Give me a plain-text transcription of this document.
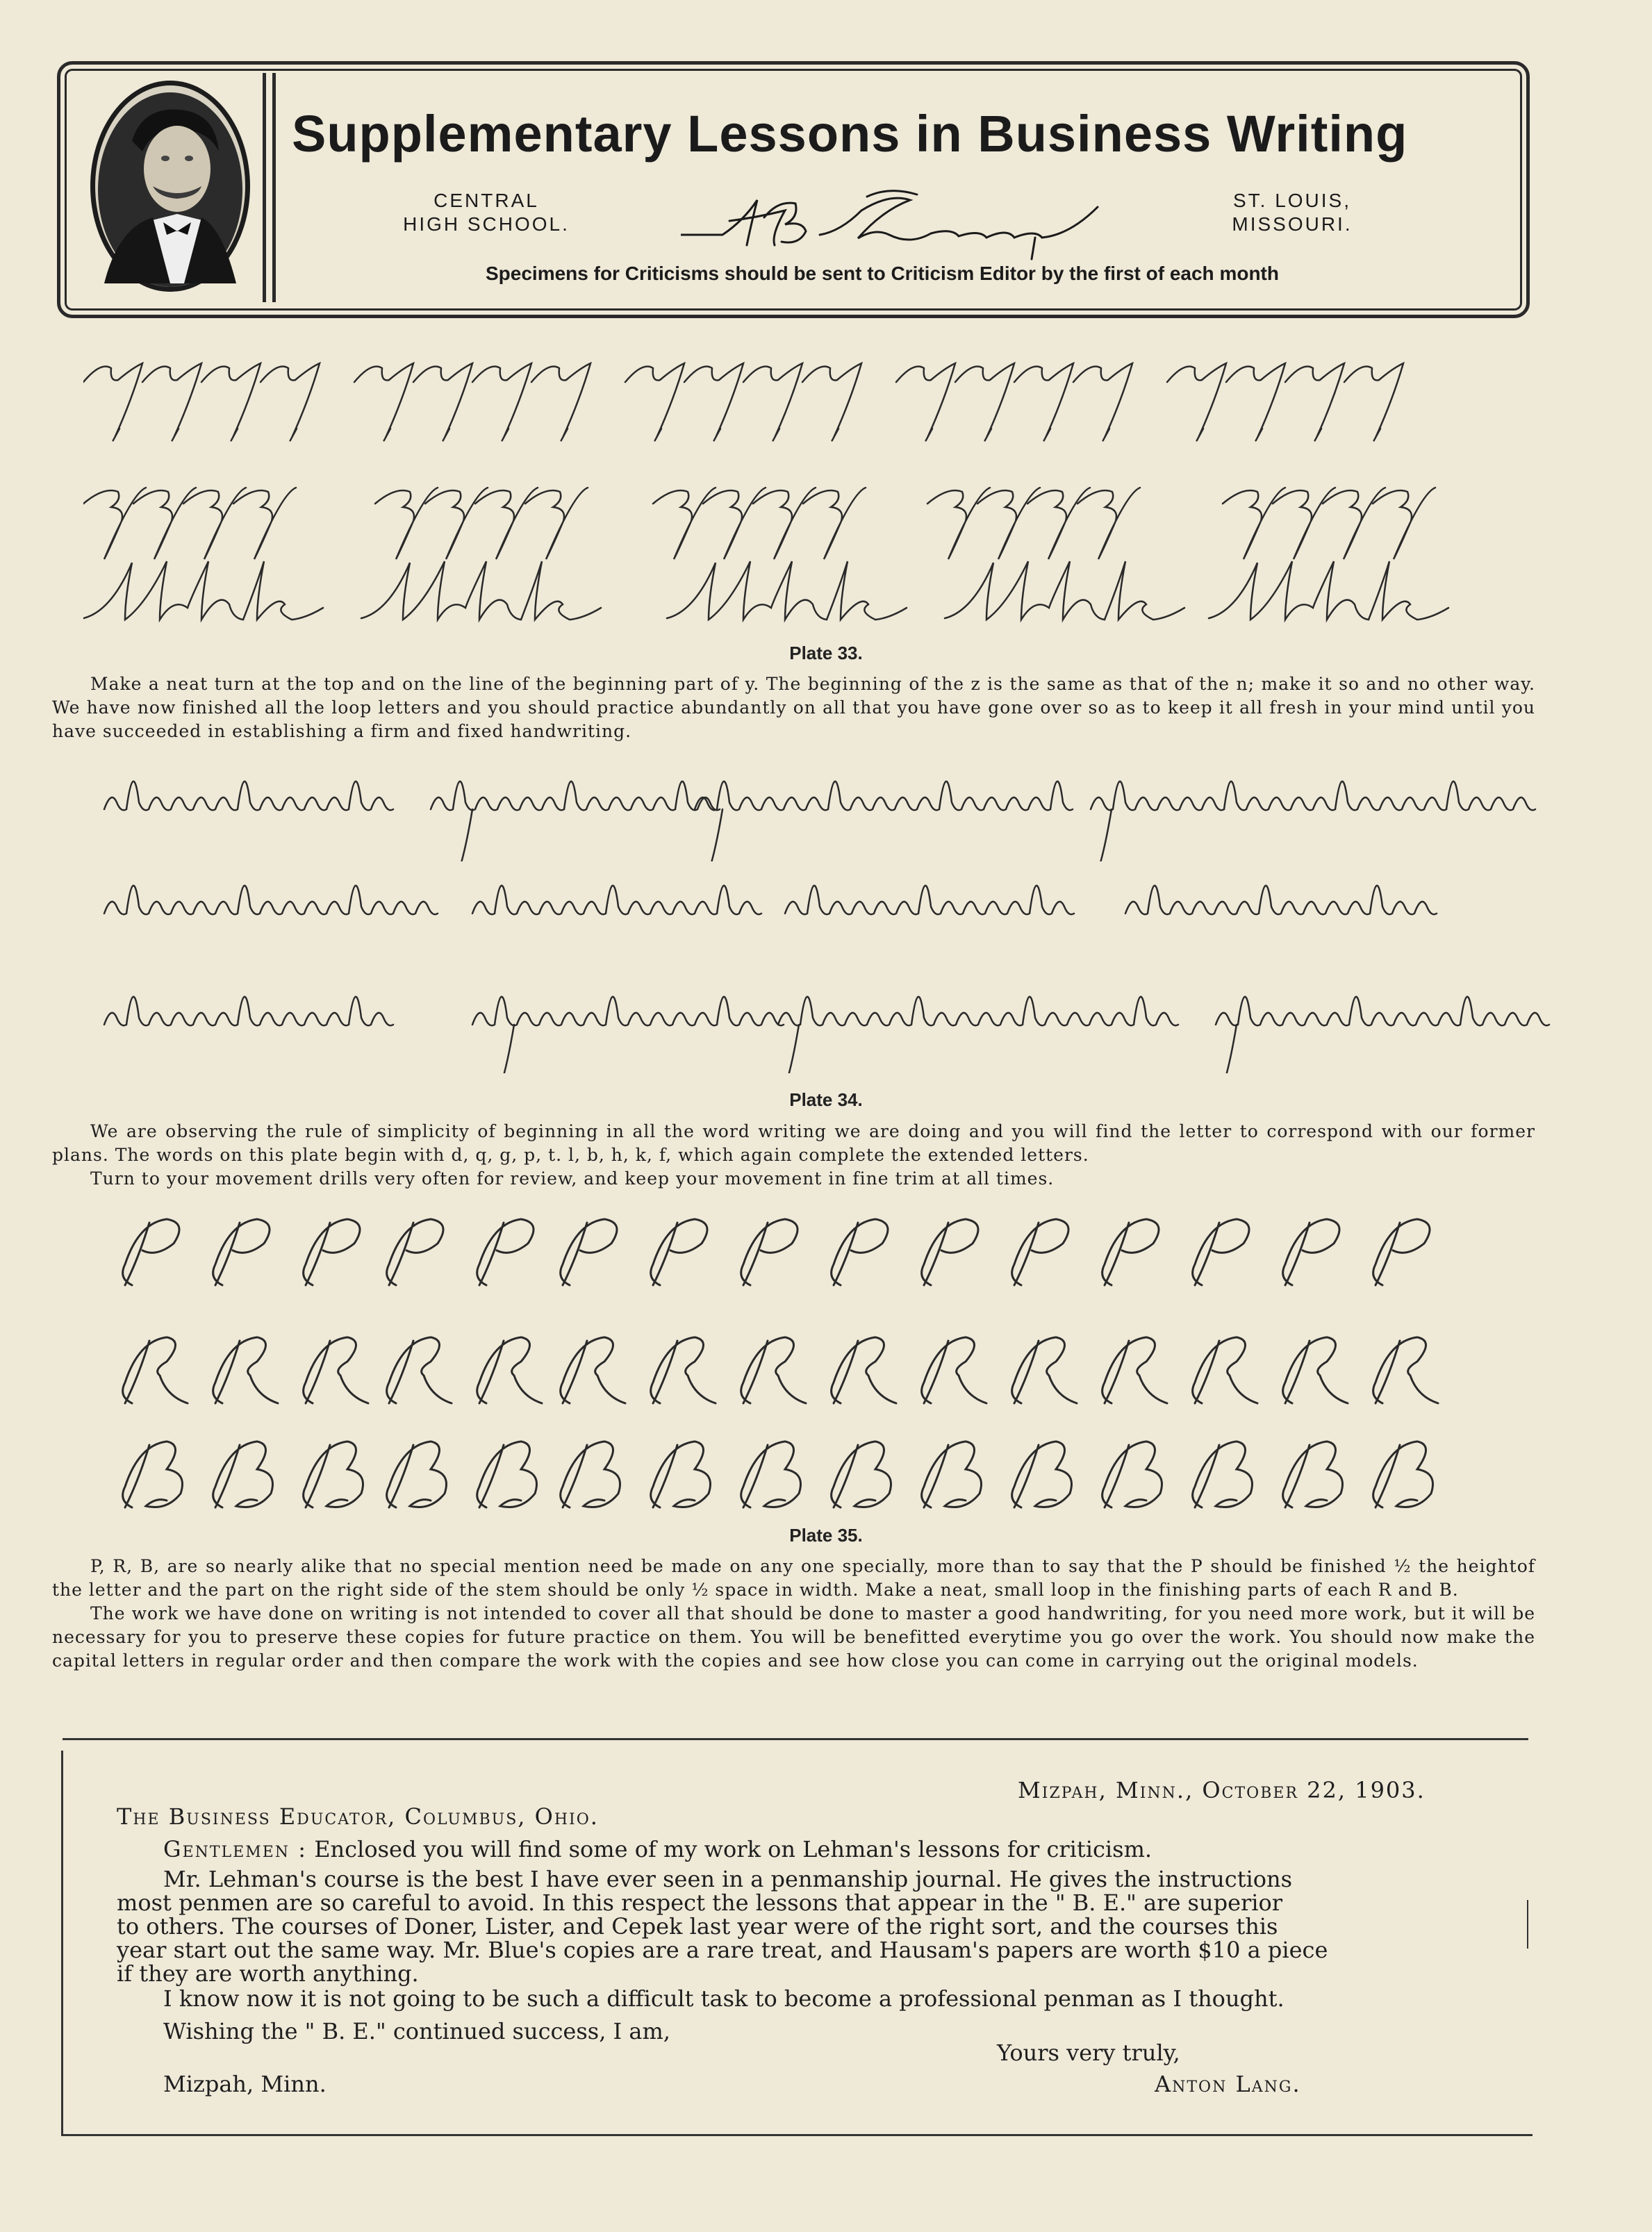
Supplementary Lessons in Business Writing
CENTRAL
HIGH SCHOOL.
ST. LOUIS,
MISSOURI.
Specimens for Criticisms should be sent to Criticism Editor by the first of each month
Plate 33.

Make a neat turn at the top and on the line of the beginning part of y. The beginning of the z is the same as that of the n; make it so and no other way. We have now finished all the loop letters and you should practice abundantly on all that you have gone over so as to keep it all fresh in your mind until you have succeeded in establishing a firm and fixed handwriting.

Plate 34.

We are observing the rule of simplicity of beginning in all the word writing we are doing and you will find the letter to correspond with our former plans. The words on this plate begin with d, q, g, p, t. l, b, h, k, f, which again complete the extended letters.

Turn to your movement drills very often for review, and keep your movement in fine trim at all times.

Plate 35.

P, R, B, are so nearly alike that no special mention need be made on any one specially, more than to say that the P should be finished ½ the heightof the letter and the part on the right side of the stem should be only ½ space in width. Make a neat, small loop in the finishing parts of each R and B.

The work we have done on writing is not intended to cover all that should be done to master a good handwriting, for you need more work, but it will be necessary for you to preserve these copies for future practice on them. You will be benefitted everytime you go over the work. You should now make the capital letters in regular order and then compare the work with the copies and see how close you can come in carrying out the original models.

Mizpah, Minn., October 22, 1903.
The Business Educator, Columbus, Ohio.
Gentlemen : Enclosed you will find some of my work on Lehman's lessons for criticism.
Mr. Lehman's course is the best I have ever seen in a penmanship journal. He gives the instructions
most penmen are so careful to avoid. In this respect the lessons that appear in the " B. E." are superior
to others. The courses of Doner, Lister, and Cepek last year were of the right sort, and the courses this
year start out the same way. Mr. Blue's copies are a rare treat, and Hausam's papers are worth $10 a piece
if they are worth anything.
I know now it is not going to be such a difficult task to become a professional penman as I thought.
Wishing the " B. E." continued success, I am,
Yours very truly,
Mizpah, Minn.	Anton Lang.
